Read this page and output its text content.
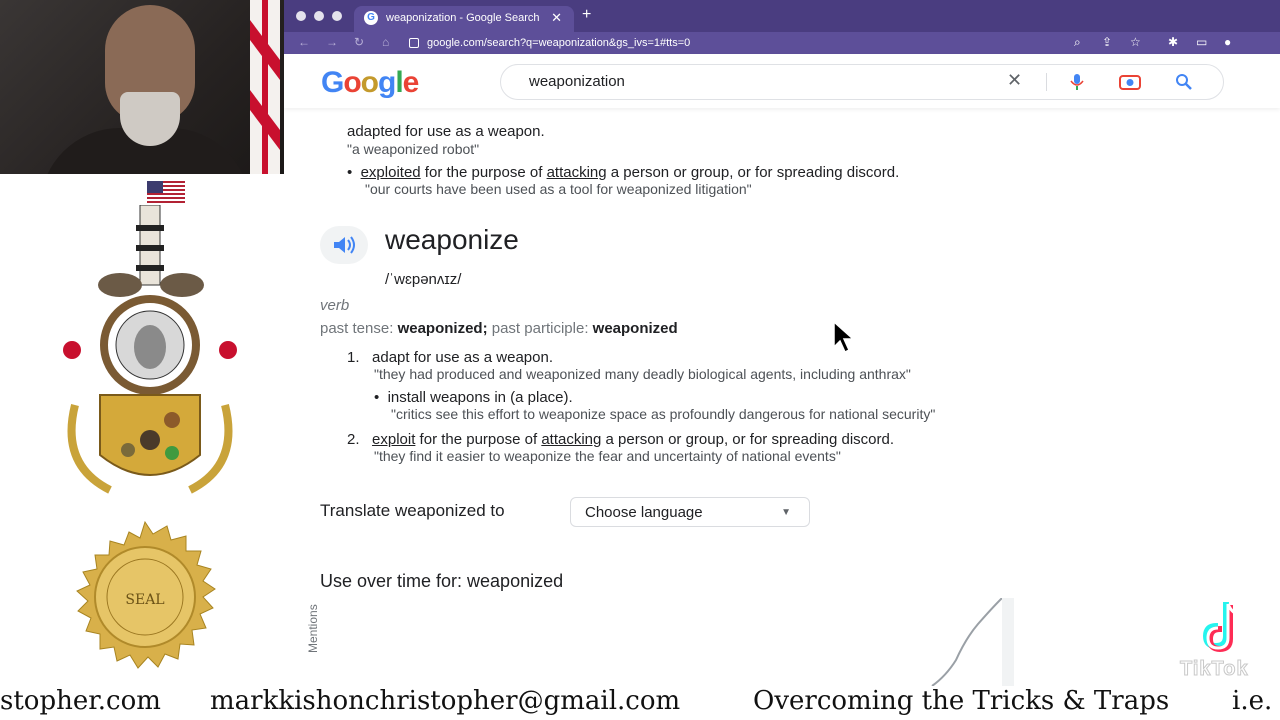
SEAL
G weaponization - Google Search ✕ +
← → ↻ ⌂	google.com/search?q=weaponization&gs_ivs=1#tts=0	⌕ ⇪ ☆ ✱ ▭ ●
Google
weaponization	✕
adapted for use as a weapon.
"a weaponized robot"
•  exploited for the purpose of attacking a person or group, or for spreading discord.
"our courts have been used as a tool for weaponized litigation"
weaponize
/ˈwɛpənʌɪz/
verb
past tense: weaponized; past participle: weaponized
1. adapt for use as a weapon.
"they had produced and weaponized many deadly biological agents, including anthrax"
•  install weapons in (a place).
"critics see this effort to weaponize space as profoundly dangerous for national security"
2. exploit for the purpose of attacking a person or group, or for spreading discord.
"they find it easier to weaponize the fear and uncertainty of national events"
Translate weaponized to	Choose language	▼
Use over time for: weaponized
Mentions
TikTok
stopher.com markkishonchristopher@gmail.com	Overcoming the Tricks & Traps i.e.
